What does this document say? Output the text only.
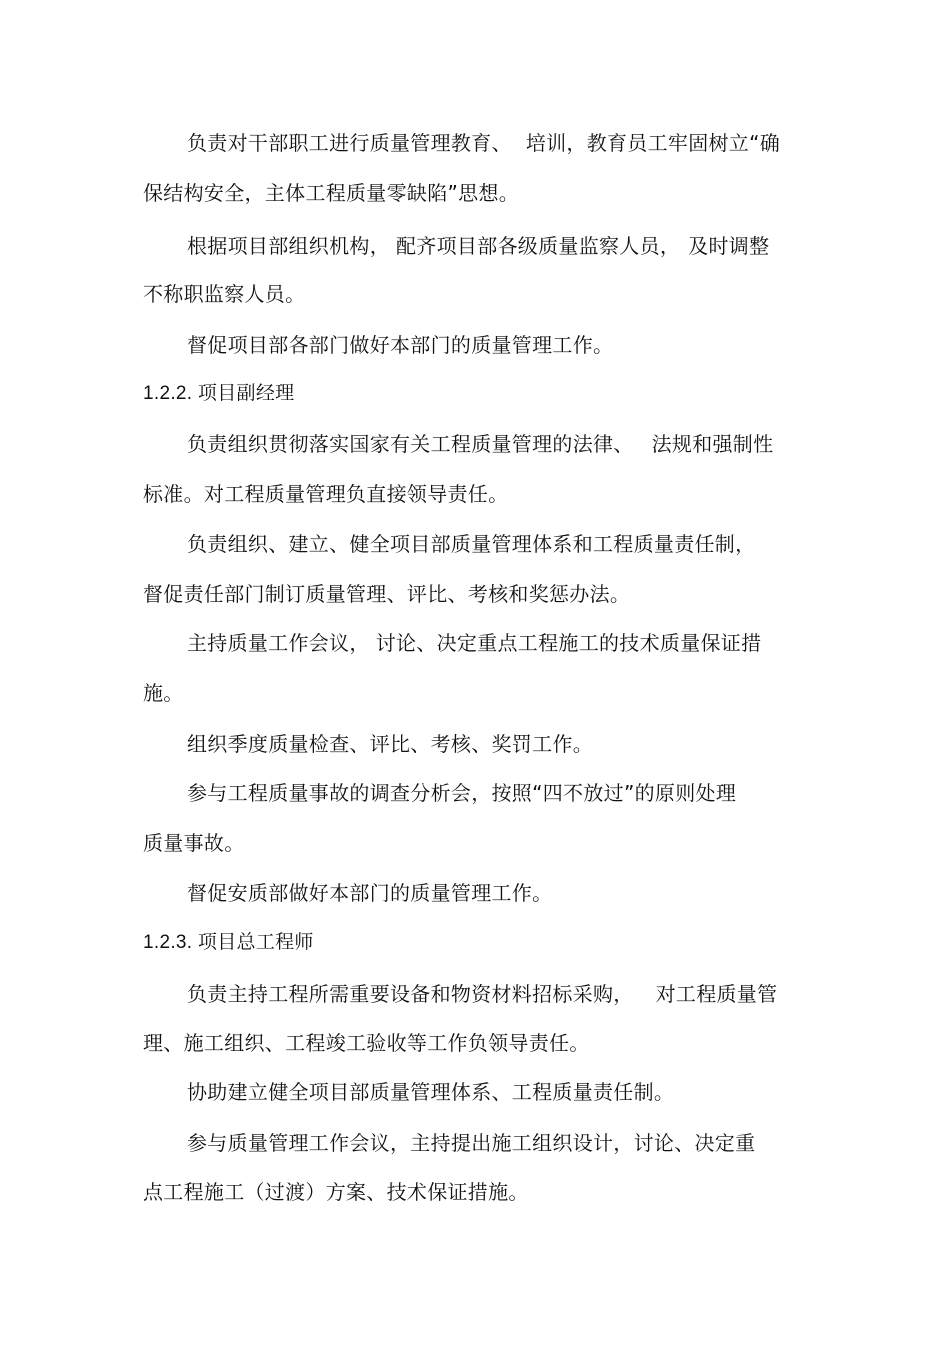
负责对干部职工进行质量管理教育、 培训，教育员工牢固树立“确
保结构安全，主体工程质量零缺陷”思想。
根据项目部组织机构， 配齐项目部各级质量监察人员， 及时调整
不称职监察人员。
督促项目部各部门做好本部门的质量管理工作。
1.2.2. 项目副经理
负责组织贯彻落实国家有关工程质量管理的法律、 法规和强制性
标准。对工程质量管理负直接领导责任。
负责组织、建立、健全项目部质量管理体系和工程质量责任制，
督促责任部门制订质量管理、评比、考核和奖惩办法。
主持质量工作会议， 讨论、决定重点工程施工的技术质量保证措
施。
组织季度质量检查、评比、考核、奖罚工作。
参与工程质量事故的调查分析会，按照“四不放过”的原则处理
质量事故。
督促安质部做好本部门的质量管理工作。
1.2.3. 项目总工程师
负责主持工程所需重要设备和物资材料招标采购， 对工程质量管
理、施工组织、工程竣工验收等工作负领导责任。
协助建立健全项目部质量管理体系、工程质量责任制。
参与质量管理工作会议，主持提出施工组织设计，讨论、决定重
点工程施工（过渡）方案、技术保证措施。
